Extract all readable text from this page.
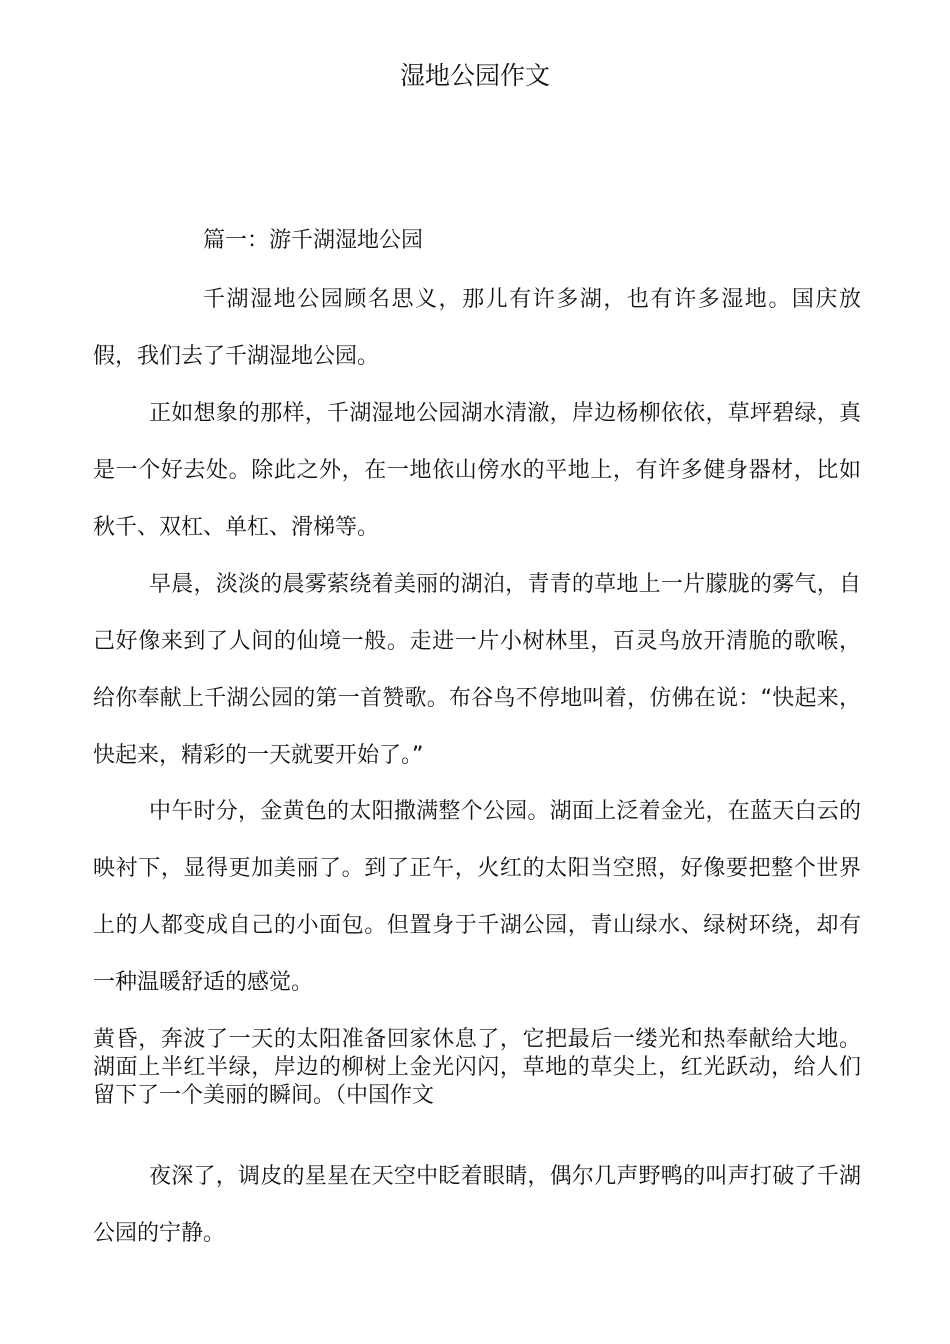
湿地公园作文
篇一：游千湖湿地公园

千湖湿地公园顾名思义，那儿有许多湖，也有许多湿地。国庆放假，我们去了千湖湿地公园。

正如想象的那样，千湖湿地公园湖水清澈，岸边杨柳依依，草坪碧绿，真是一个好去处。除此之外，在一地依山傍水的平地上，有许多健身器材，比如秋千、双杠、单杠、滑梯等。

早晨，淡淡的晨雾萦绕着美丽的湖泊，青青的草地上一片朦胧的雾气，自己好像来到了人间的仙境一般。走进一片小树林里，百灵鸟放开清脆的歌喉，给你奉献上千湖公园的第一首赞歌。布谷鸟不停地叫着，仿佛在说：“快起来，快起来，精彩的一天就要开始了。”

中午时分，金黄色的太阳撒满整个公园。湖面上泛着金光，在蓝天白云的映衬下，显得更加美丽了。到了正午，火红的太阳当空照，好像要把整个世界上的人都变成自己的小面包。但置身于千湖公园，青山绿水、绿树环绕，却有一种温暖舒适的感觉。

黄昏，奔波了一天的太阳准备回家休息了，它把最后一缕光和热奉献给大地。湖面上半红半绿，岸边的柳树上金光闪闪，草地的草尖上，红光跃动，给人们留下了一个美丽的瞬间。（中国作文

夜深了，调皮的星星在天空中眨着眼睛，偶尔几声野鸭的叫声打破了千湖公园的宁静。
